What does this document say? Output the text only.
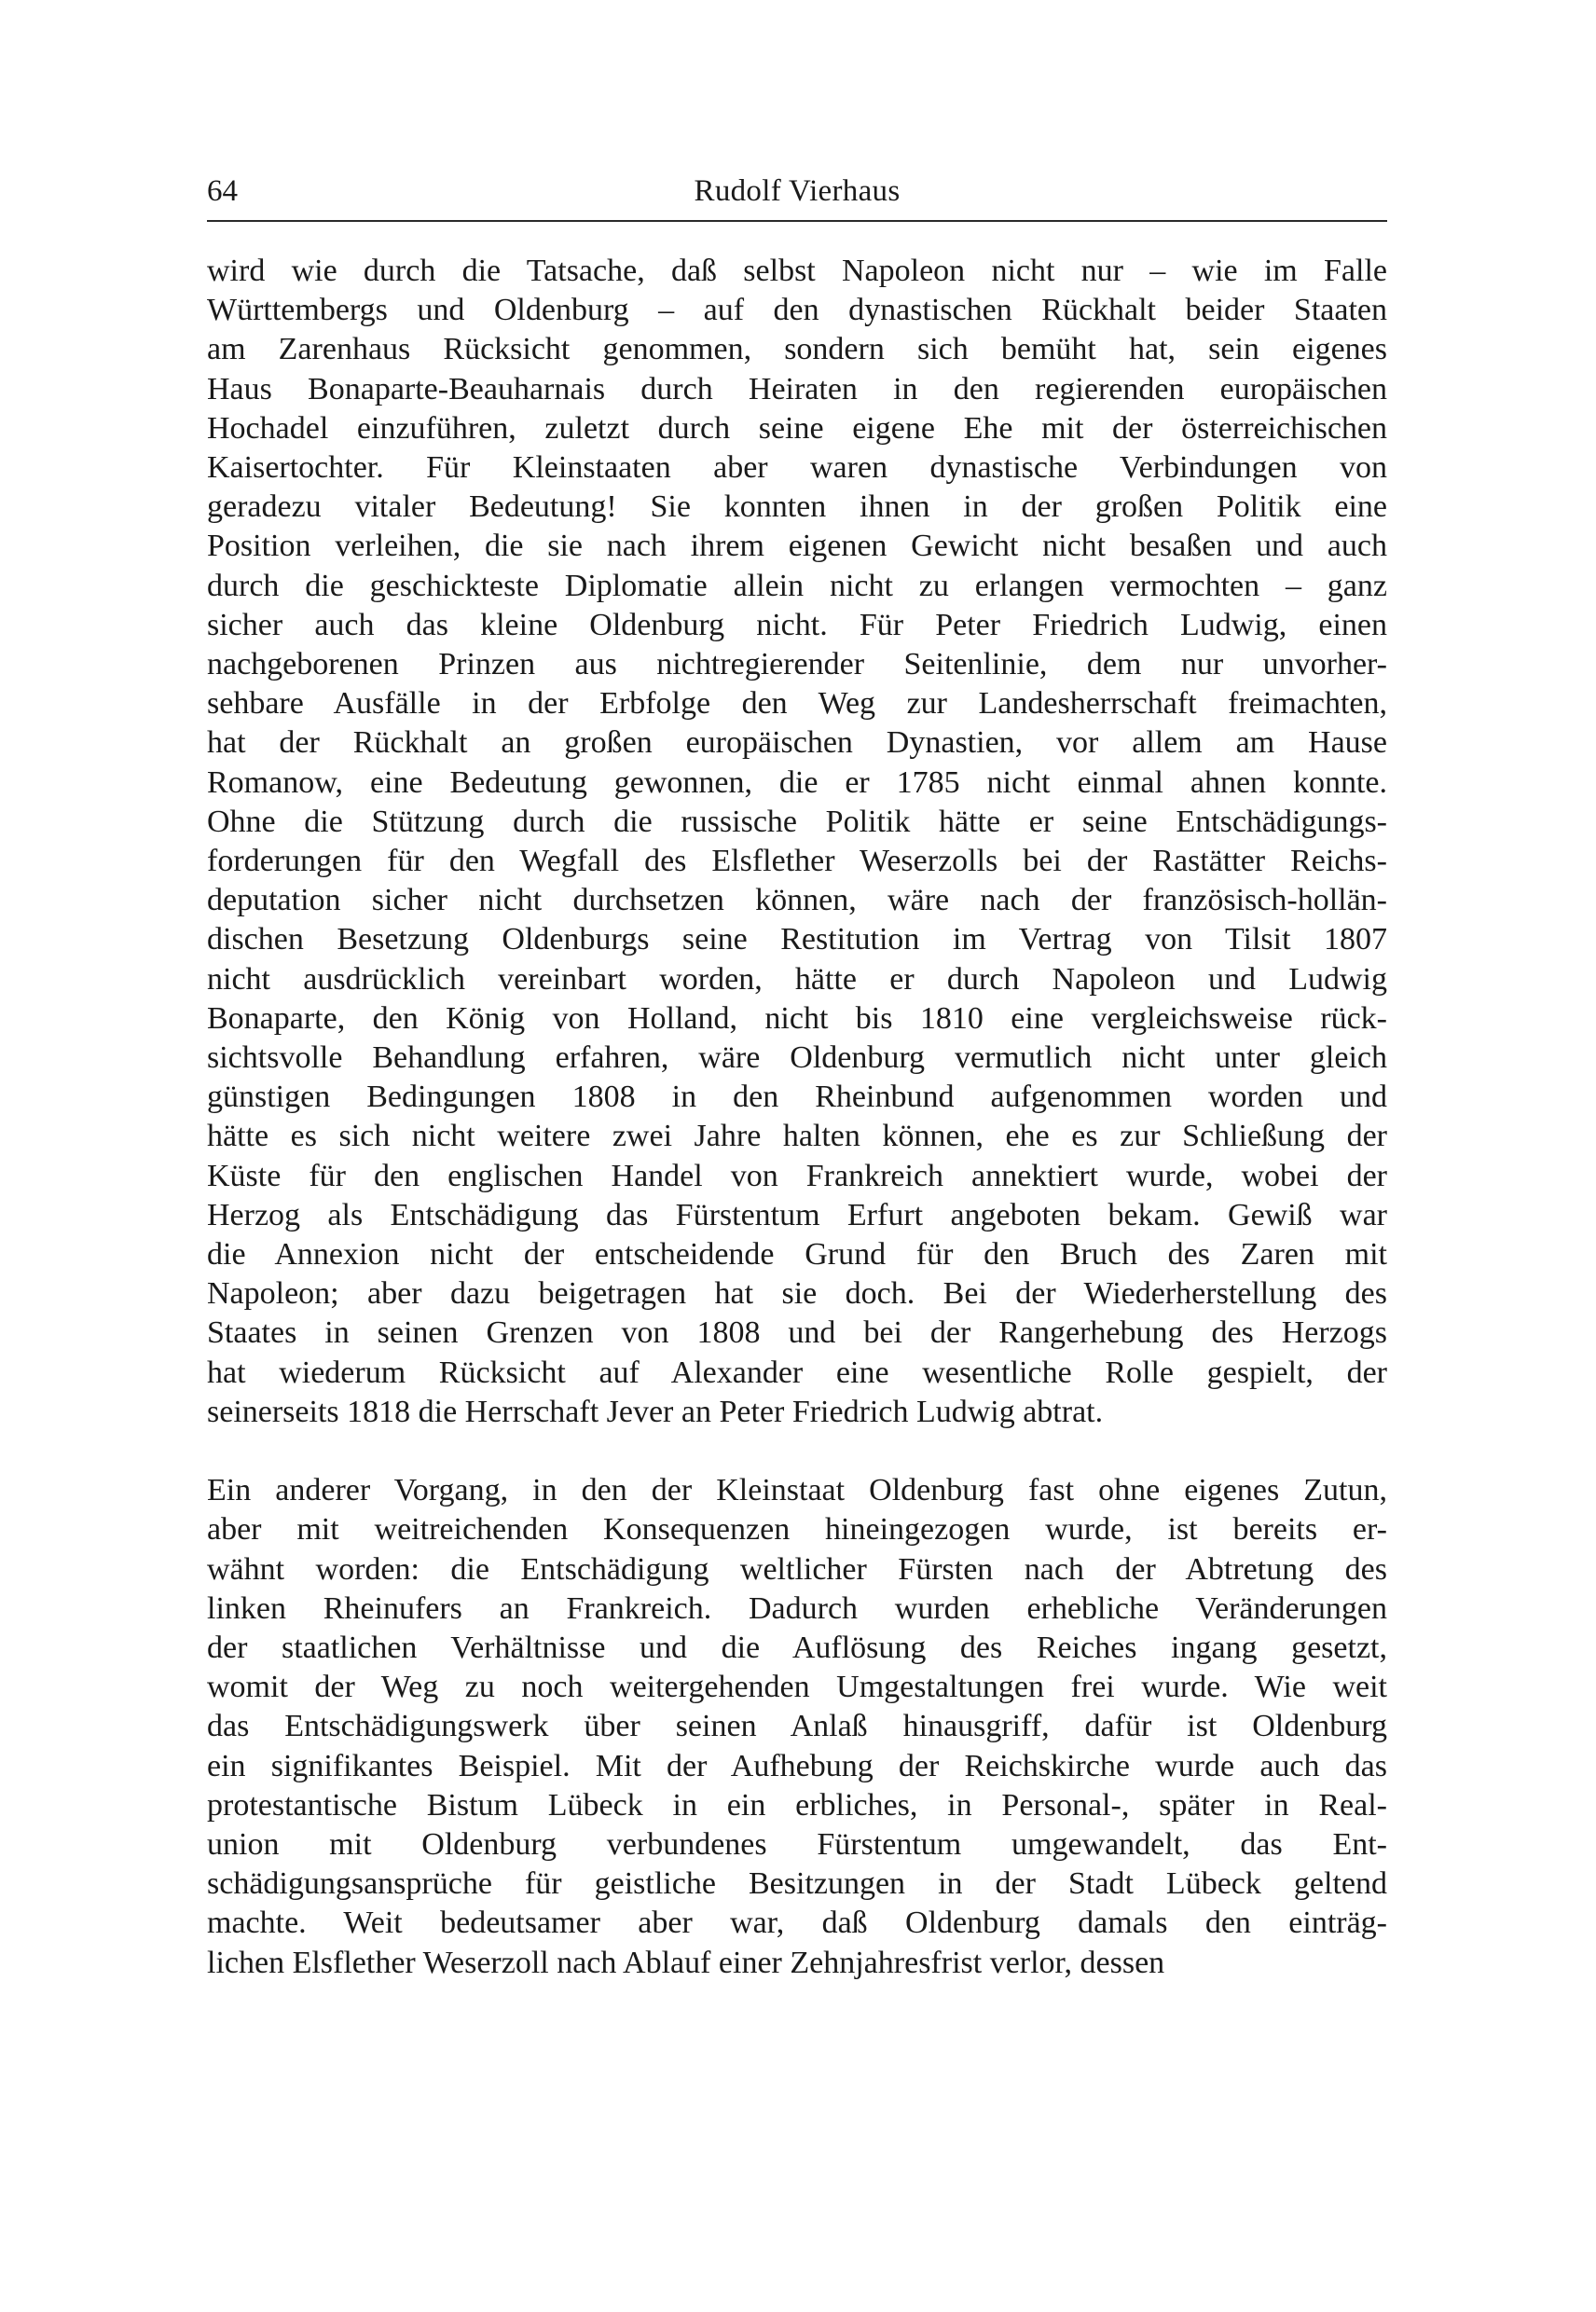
64	Rudolf Vierhaus

wird wie durch die Tatsache, daß selbst Napoleon nicht nur – wie im Falle
Württembergs und Oldenburg – auf den dynastischen Rückhalt beider Staaten
am Zarenhaus Rücksicht genommen, sondern sich bemüht hat, sein eigenes
Haus Bonaparte-Beauharnais durch Heiraten in den regierenden europäischen
Hochadel einzuführen, zuletzt durch seine eigene Ehe mit der österreichischen
Kaisertochter. Für Kleinstaaten aber waren dynastische Verbindungen von
geradezu vitaler Bedeutung! Sie konnten ihnen in der großen Politik eine
Position verleihen, die sie nach ihrem eigenen Gewicht nicht besaßen und auch
durch die geschickteste Diplomatie allein nicht zu erlangen vermochten – ganz
sicher auch das kleine Oldenburg nicht. Für Peter Friedrich Ludwig, einen
nachgeborenen Prinzen aus nichtregierender Seitenlinie, dem nur unvorher-
sehbare Ausfälle in der Erbfolge den Weg zur Landesherrschaft freimachten,
hat der Rückhalt an großen europäischen Dynastien, vor allem am Hause
Romanow, eine Bedeutung gewonnen, die er 1785 nicht einmal ahnen konnte.
Ohne die Stützung durch die russische Politik hätte er seine Entschädigungs-
forderungen für den Wegfall des Elsflether Weserzolls bei der Rastätter Reichs-
deputation sicher nicht durchsetzen können, wäre nach der französisch-hollän-
dischen Besetzung Oldenburgs seine Restitution im Vertrag von Tilsit 1807
nicht ausdrücklich vereinbart worden, hätte er durch Napoleon und Ludwig
Bonaparte, den König von Holland, nicht bis 1810 eine vergleichsweise rück-
sichtsvolle Behandlung erfahren, wäre Oldenburg vermutlich nicht unter gleich
günstigen Bedingungen 1808 in den Rheinbund aufgenommen worden und
hätte es sich nicht weitere zwei Jahre halten können, ehe es zur Schließung der
Küste für den englischen Handel von Frankreich annektiert wurde, wobei der
Herzog als Entschädigung das Fürstentum Erfurt angeboten bekam. Gewiß war
die Annexion nicht der entscheidende Grund für den Bruch des Zaren mit
Napoleon; aber dazu beigetragen hat sie doch. Bei der Wiederherstellung des
Staates in seinen Grenzen von 1808 und bei der Rangerhebung des Herzogs
hat wiederum Rücksicht auf Alexander eine wesentliche Rolle gespielt, der
seinerseits 1818 die Herrschaft Jever an Peter Friedrich Ludwig abtrat.

Ein anderer Vorgang, in den der Kleinstaat Oldenburg fast ohne eigenes Zutun,
aber mit weitreichenden Konsequenzen hineingezogen wurde, ist bereits er-
wähnt worden: die Entschädigung weltlicher Fürsten nach der Abtretung des
linken Rheinufers an Frankreich. Dadurch wurden erhebliche Veränderungen
der staatlichen Verhältnisse und die Auflösung des Reiches ingang gesetzt,
womit der Weg zu noch weitergehenden Umgestaltungen frei wurde. Wie weit
das Entschädigungswerk über seinen Anlaß hinausgriff, dafür ist Oldenburg
ein signifikantes Beispiel. Mit der Aufhebung der Reichskirche wurde auch das
protestantische Bistum Lübeck in ein erbliches, in Personal-, später in Real-
union mit Oldenburg verbundenes Fürstentum umgewandelt, das Ent-
schädigungsansprüche für geistliche Besitzungen in der Stadt Lübeck geltend
machte. Weit bedeutsamer aber war, daß Oldenburg damals den einträg-
lichen Elsflether Weserzoll nach Ablauf einer Zehnjahresfrist verlor, dessen
